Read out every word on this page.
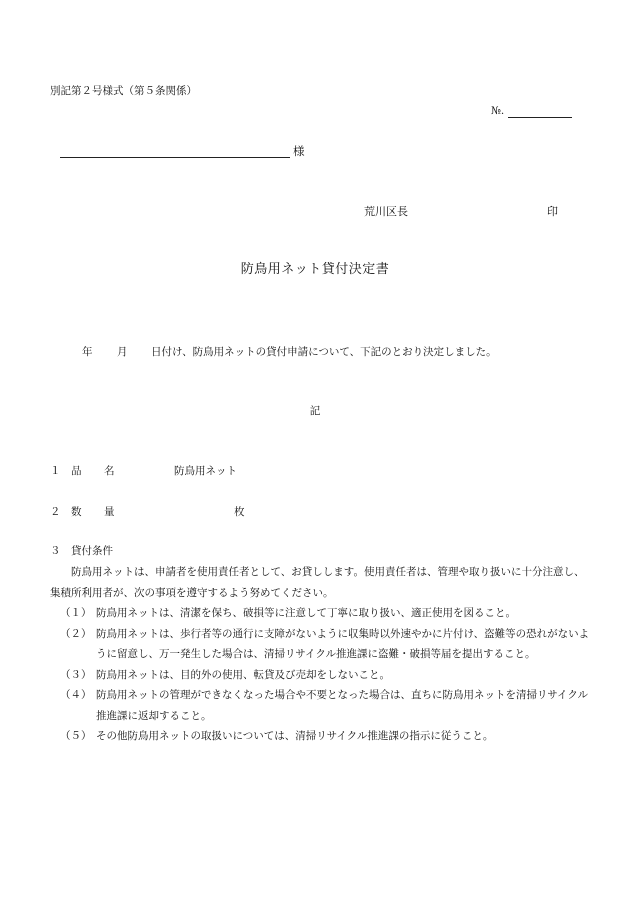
別記第２号様式（第５条関係）
№.
様
荒川区長	印
防鳥用ネット貸付決定書
年 月 日付け、防鳥用ネットの貸付申請について、下記のとおり決定しました。
記
１ 品 名	防鳥用ネット
２ 数 量	枚
３ 貸付条件

防鳥用ネットは、申請者を使用責任者として、お貸しします。使用責任者は、管理や取り扱いに十分注意し、集積所利用者が、次の事項を遵守するよう努めてください。

（１） 防鳥用ネットは、清潔を保ち、破損等に注意して丁寧に取り扱い、適正使用を図ること。
（２） 防鳥用ネットは、歩行者等の通行に支障がないように収集時以外速やかに片付け、盗難等の恐れがないように留意し、万一発生した場合は、清掃リサイクル推進課に盗難・破損等届を提出すること。
（３） 防鳥用ネットは、目的外の使用、転貸及び売却をしないこと。
（４） 防鳥用ネットの管理ができなくなった場合や不要となった場合は、直ちに防鳥用ネットを清掃リサイクル推進課に返却すること。
（５） その他防鳥用ネットの取扱いについては、清掃リサイクル推進課の指示に従うこと。
